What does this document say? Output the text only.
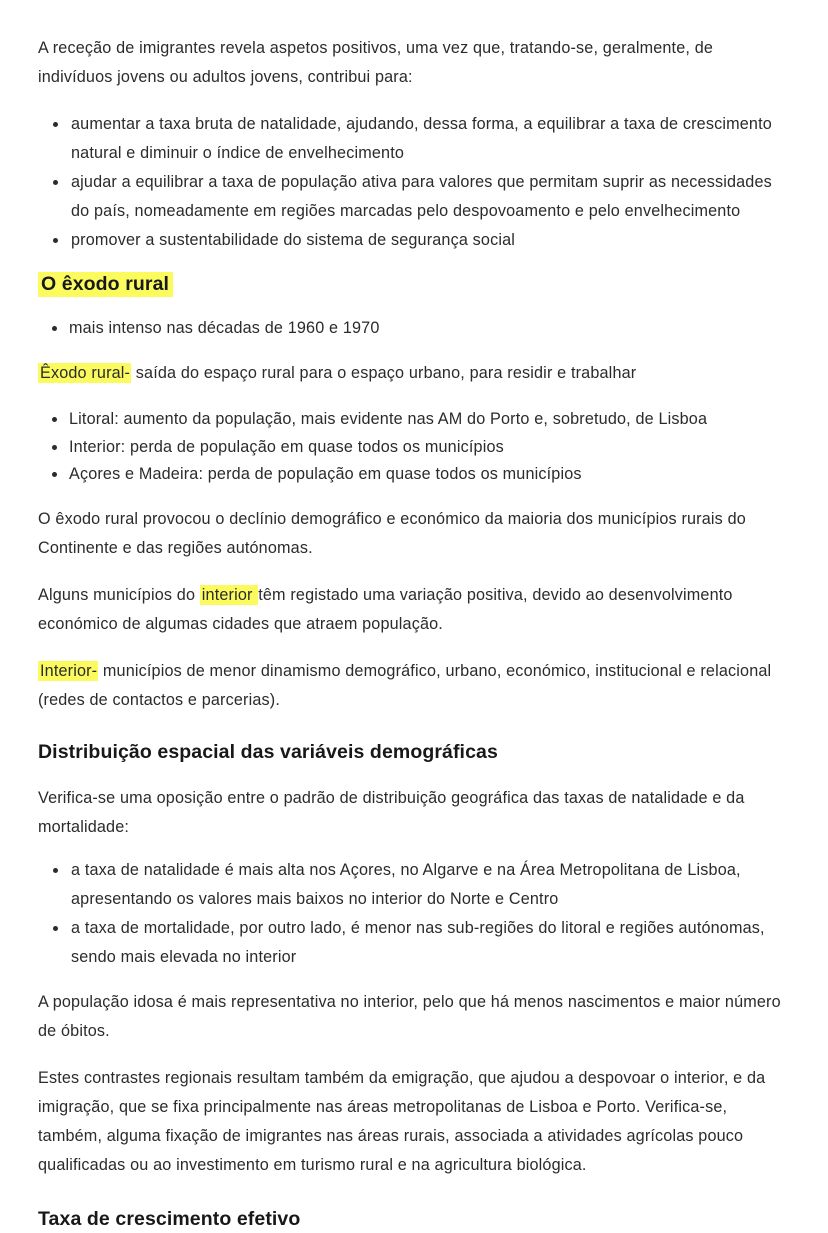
A receção de imigrantes revela aspetos positivos, uma vez que, tratando-se, geralmente, de indivíduos jovens ou adultos jovens, contribui para:

aumentar a taxa bruta de natalidade, ajudando, dessa forma, a equilibrar a taxa de crescimento natural e diminuir o índice de envelhecimento
ajudar a equilibrar a taxa de população ativa para valores que permitam suprir as necessidades do país, nomeadamente em regiões marcadas pelo despovoamento e pelo envelhecimento
promover a sustentabilidade do sistema de segurança social
O êxodo rural
mais intenso nas décadas de 1960 e 1970

Êxodo rural- saída do espaço rural para o espaço urbano, para residir e trabalhar

Litoral: aumento da população, mais evidente nas AM do Porto e, sobretudo, de Lisboa
Interior: perda de população em quase todos os municípios
Açores e Madeira: perda de população em quase todos os municípios

O êxodo rural provocou o declínio demográfico e económico da maioria dos municípios rurais do Continente e das regiões autónomas.

Alguns municípios do interior têm registado uma variação positiva, devido ao desenvolvimento económico de algumas cidades que atraem população.

Interior- municípios de menor dinamismo demográfico, urbano, económico, institucional e relacional (redes de contactos e parcerias).

Distribuição espacial das variáveis demográficas

Verifica-se uma oposição entre o padrão de distribuição geográfica das taxas de natalidade e da mortalidade:

a taxa de natalidade é mais alta nos Açores, no Algarve e na Área Metropolitana de Lisboa, apresentando os valores mais baixos no interior do Norte e Centro
a taxa de mortalidade, por outro lado, é menor nas sub-regiões do litoral e regiões autónomas, sendo mais elevada no interior

A população idosa é mais representativa no interior, pelo que há menos nascimentos e maior número de óbitos.

Estes contrastes regionais resultam também da emigração, que ajudou a despovoar o interior, e da imigração, que se fixa principalmente nas áreas metropolitanas de Lisboa e Porto. Verifica-se, também, alguma fixação de imigrantes nas áreas rurais, associada a atividades agrícolas pouco qualificadas ou ao investimento em turismo rural e na agricultura biológica.

Taxa de crescimento efetivo
